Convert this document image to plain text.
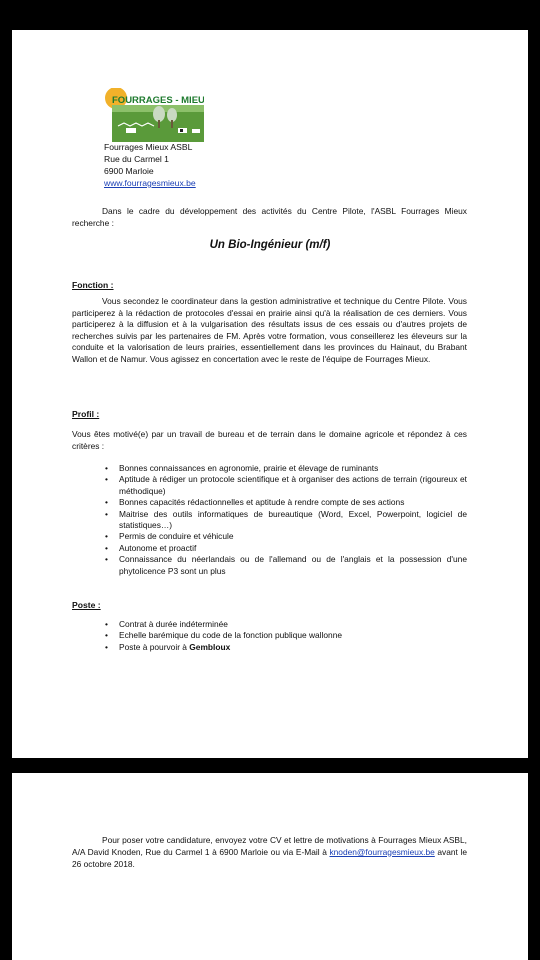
FOURRAGES - MIEUX
Fourrages Mieux ASBL
Rue du Carmel 1
6900 Marloie
www.fourragesmieux.be

Dans le cadre du développement des activités du Centre Pilote, l'ASBL Fourrages Mieux recherche :

Un Bio-Ingénieur (m/f)
Fonction :

Vous secondez le coordinateur dans la gestion administrative et technique du Centre Pilote. Vous participerez à la rédaction de protocoles d'essai en prairie ainsi qu'à la réalisation de ces derniers. Vous participerez à la diffusion et à la vulgarisation des résultats issus de ces essais ou d'autres projets de recherches suivis par les partenaires de FM. Après votre formation, vous conseillerez les éleveurs sur la conduite et la valorisation de leurs prairies, essentiellement dans les provinces du Hainaut, du Brabant Wallon et de Namur. Vous agissez en concertation avec le reste de l'équipe de Fourrages Mieux.

Profil :

Vous êtes motivé(e) par un travail de bureau et de terrain dans le domaine agricole et répondez à ces critères :

• Bonnes connaissances en agronomie, prairie et élevage de ruminants
• Aptitude à rédiger un protocole scientifique et à organiser des actions de terrain (rigoureux et méthodique)
• Bonnes capacités rédactionnelles et aptitude à rendre compte de ses actions
• Maitrise des outils informatiques de bureautique (Word, Excel, Powerpoint, logiciel de statistiques…)
• Permis de conduire et véhicule
• Autonome et proactif
• Connaissance du néerlandais ou de l'allemand ou de l'anglais et la possession d'une phytolicence P3 sont un plus
Poste :
• Contrat à durée indéterminée
• Echelle barémique du code de la fonction publique wallonne
• Poste à pourvoir à Gembloux

Pour poser votre candidature, envoyez votre CV et lettre de motivations à Fourrages Mieux ASBL, A/A David Knoden, Rue du Carmel 1 à 6900 Marloie ou via E-Mail à knoden@fourragesmieux.be avant le 26 octobre 2018.
